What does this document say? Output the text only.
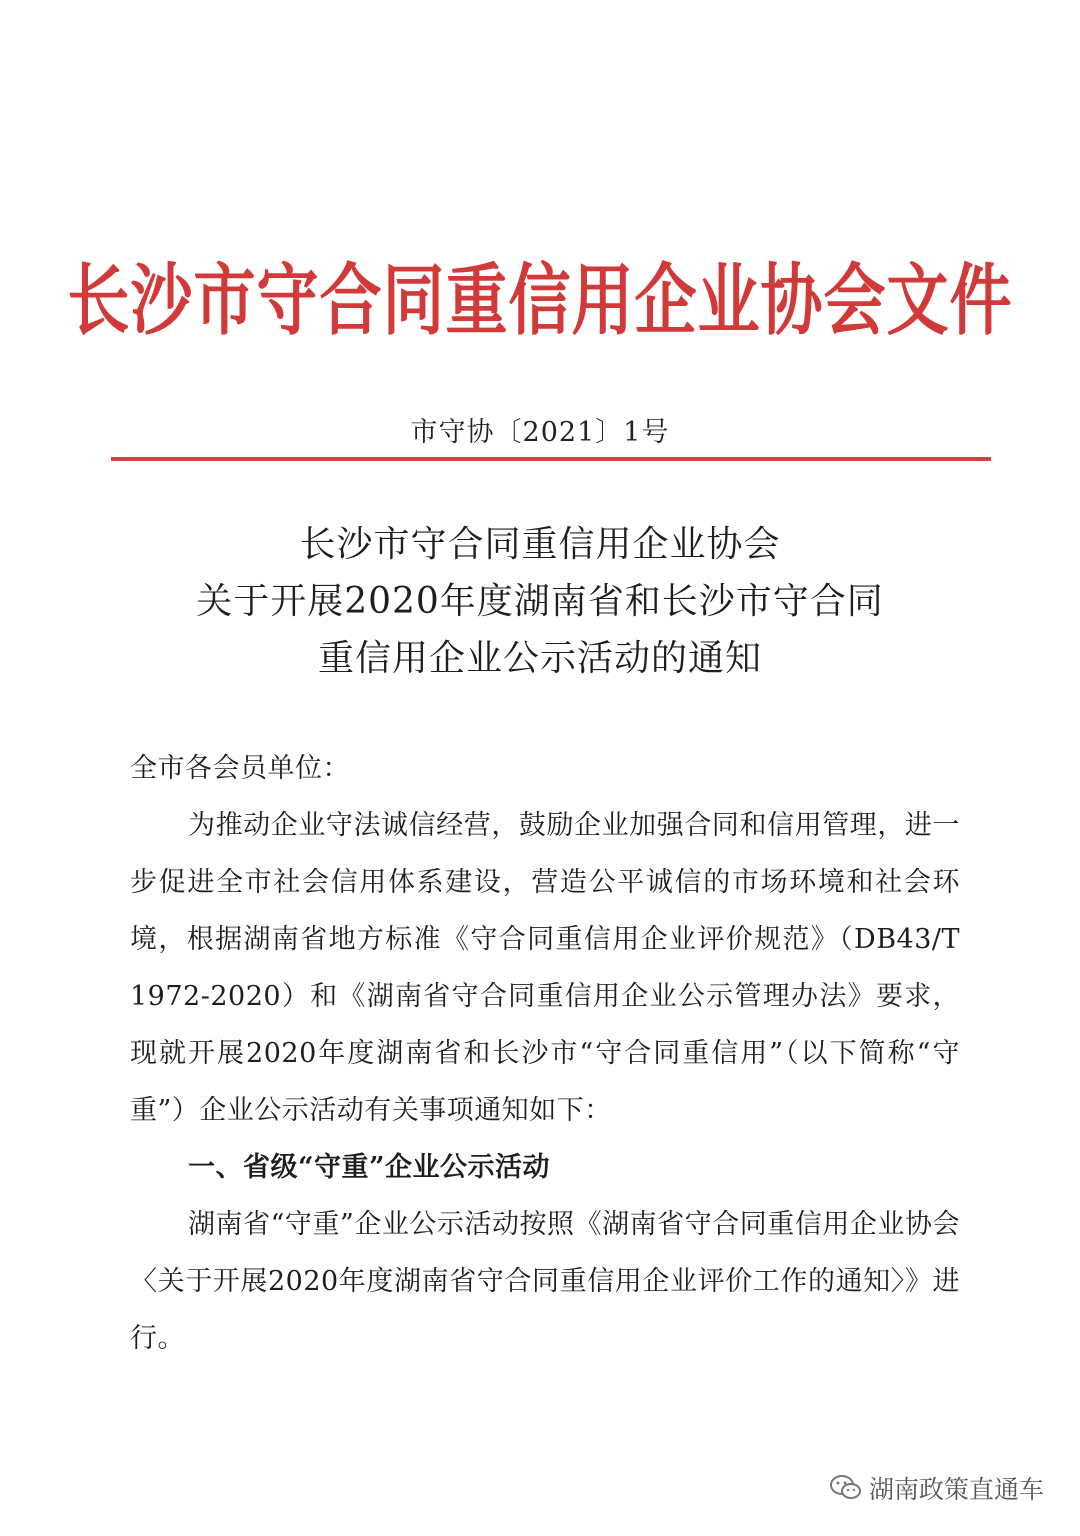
长沙市守合同重信用企业协会文件
市守协〔2021〕1号
长沙市守合同重信用企业协会
关于开展2020年度湖南省和长沙市守合同
重信用企业公示活动的通知

全市各会员单位：

为推动企业守法诚信经营，鼓励企业加强合同和信用管理，进一步促进全市社会信用体系建设，营造公平诚信的市场环境和社会环境，根据湖南省地方标准《守合同重信用企业评价规范》（DB43/T 1972-2020）和《湖南省守合同重信用企业公示管理办法》要求，现就开展2020年度湖南省和长沙市“守合同重信用”（以下简称“守重”）企业公示活动有关事项通知如下：

一、省级“守重”企业公示活动

湖南省“守重”企业公示活动按照《湖南省守合同重信用企业协会〈关于开展2020年度湖南省守合同重信用企业评价工作的通知〉》进行。

湖南政策直通车
